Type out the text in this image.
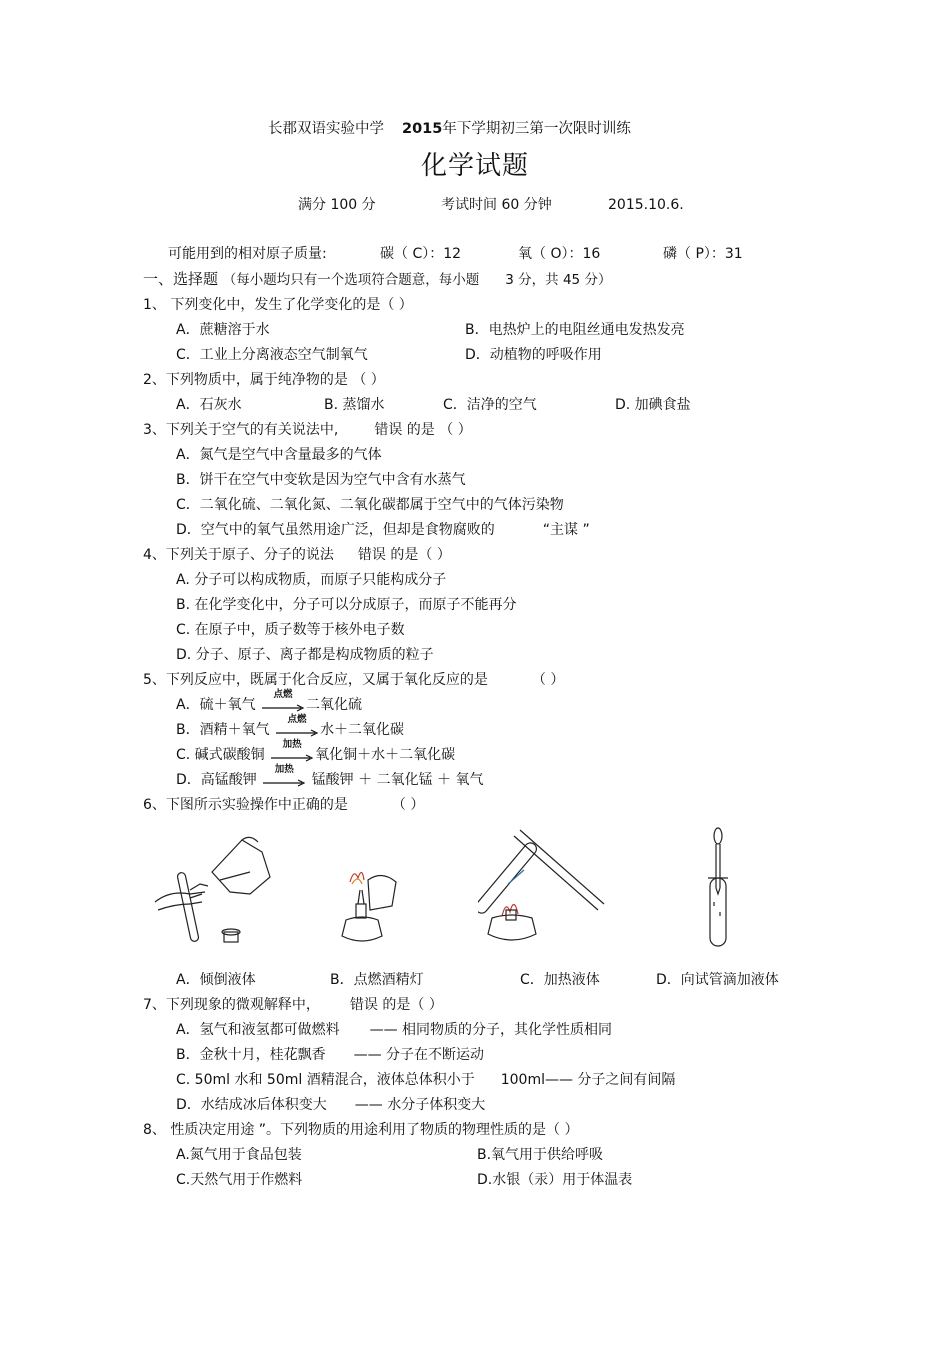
长郡双语实验中学 2015年下学期初三第一次限时训练
化学试题
满分 100 分	考试时间 60 分钟	2015.10.6.
可能用到的相对原子质量:	碳（ C）：12	氧（ O）：16	磷（ P）：31
一、选择题 （每小题均只有一个选项符合题意，每小题 3 分，共 45 分）
1、 下列变化中，发生了化学变化的是（ ）
A．蔗糖溶于水	B．电热炉上的电阻丝通电发热发亮
C．工业上分离液态空气制氧气	D．动植物的呼吸作用
2、下列物质中，属于纯净物的是 （ ）
A．石灰水	B. 蒸馏水	C．洁净的空气	D. 加碘食盐
3、下列关于空气的有关说法中,	错误 的是 （ ）
A．氮气是空气中含量最多的气体
B．饼干在空气中变软是因为空气中含有水蒸气
C．二氧化硫、二氧化氮、二氧化碳都属于空气中的气体污染物
D．空气中的氧气虽然用途广泛，但却是食物腐败的	“主谋 ”
4、下列关于原子、分子的说法 错误 的是（ ）
A. 分子可以构成物质，而原子只能构成分子
B. 在化学变化中，分子可以分成原子，而原子不能再分
C. 在原子中，质子数等于核外电子数
D. 分子、原子、离子都是构成物质的粒子
5、下列反应中，既属于化合反应，又属于氧化反应的是	（ ）
A．硫＋氧气
点燃
二氧化硫
B．酒精＋氧气
点燃
水＋二氧化碳
C. 碱式碳酸铜
加热
氧化铜＋水＋二氧化碳
D．高锰酸钾
加热
锰酸钾 ＋ 二氧化锰 ＋ 氧气
6、下图所示实验操作中正确的是	（ ）
A．倾倒液体	B．点燃酒精灯	C．加热液体	D．向试管滴加液体
7、下列现象的微观解释中， 错误 的是（ ）
A．氢气和液氢都可做燃料 —— 相同物质的分子，其化学性质相同
B．金秋十月，桂花飘香 —— 分子在不断运动
C. 50ml 水和 50ml 酒精混合，液体总体积小于 100ml—— 分子之间有间隔
D．水结成冰后体积变大 —— 水分子体积变大
8、 性质决定用途 ”。下列物质的用途利用了物质的物理性质的是（ ）
A.氮气用于食品包装	B.氧气用于供给呼吸
C.天然气用于作燃料	D.水银（汞）用于体温表
